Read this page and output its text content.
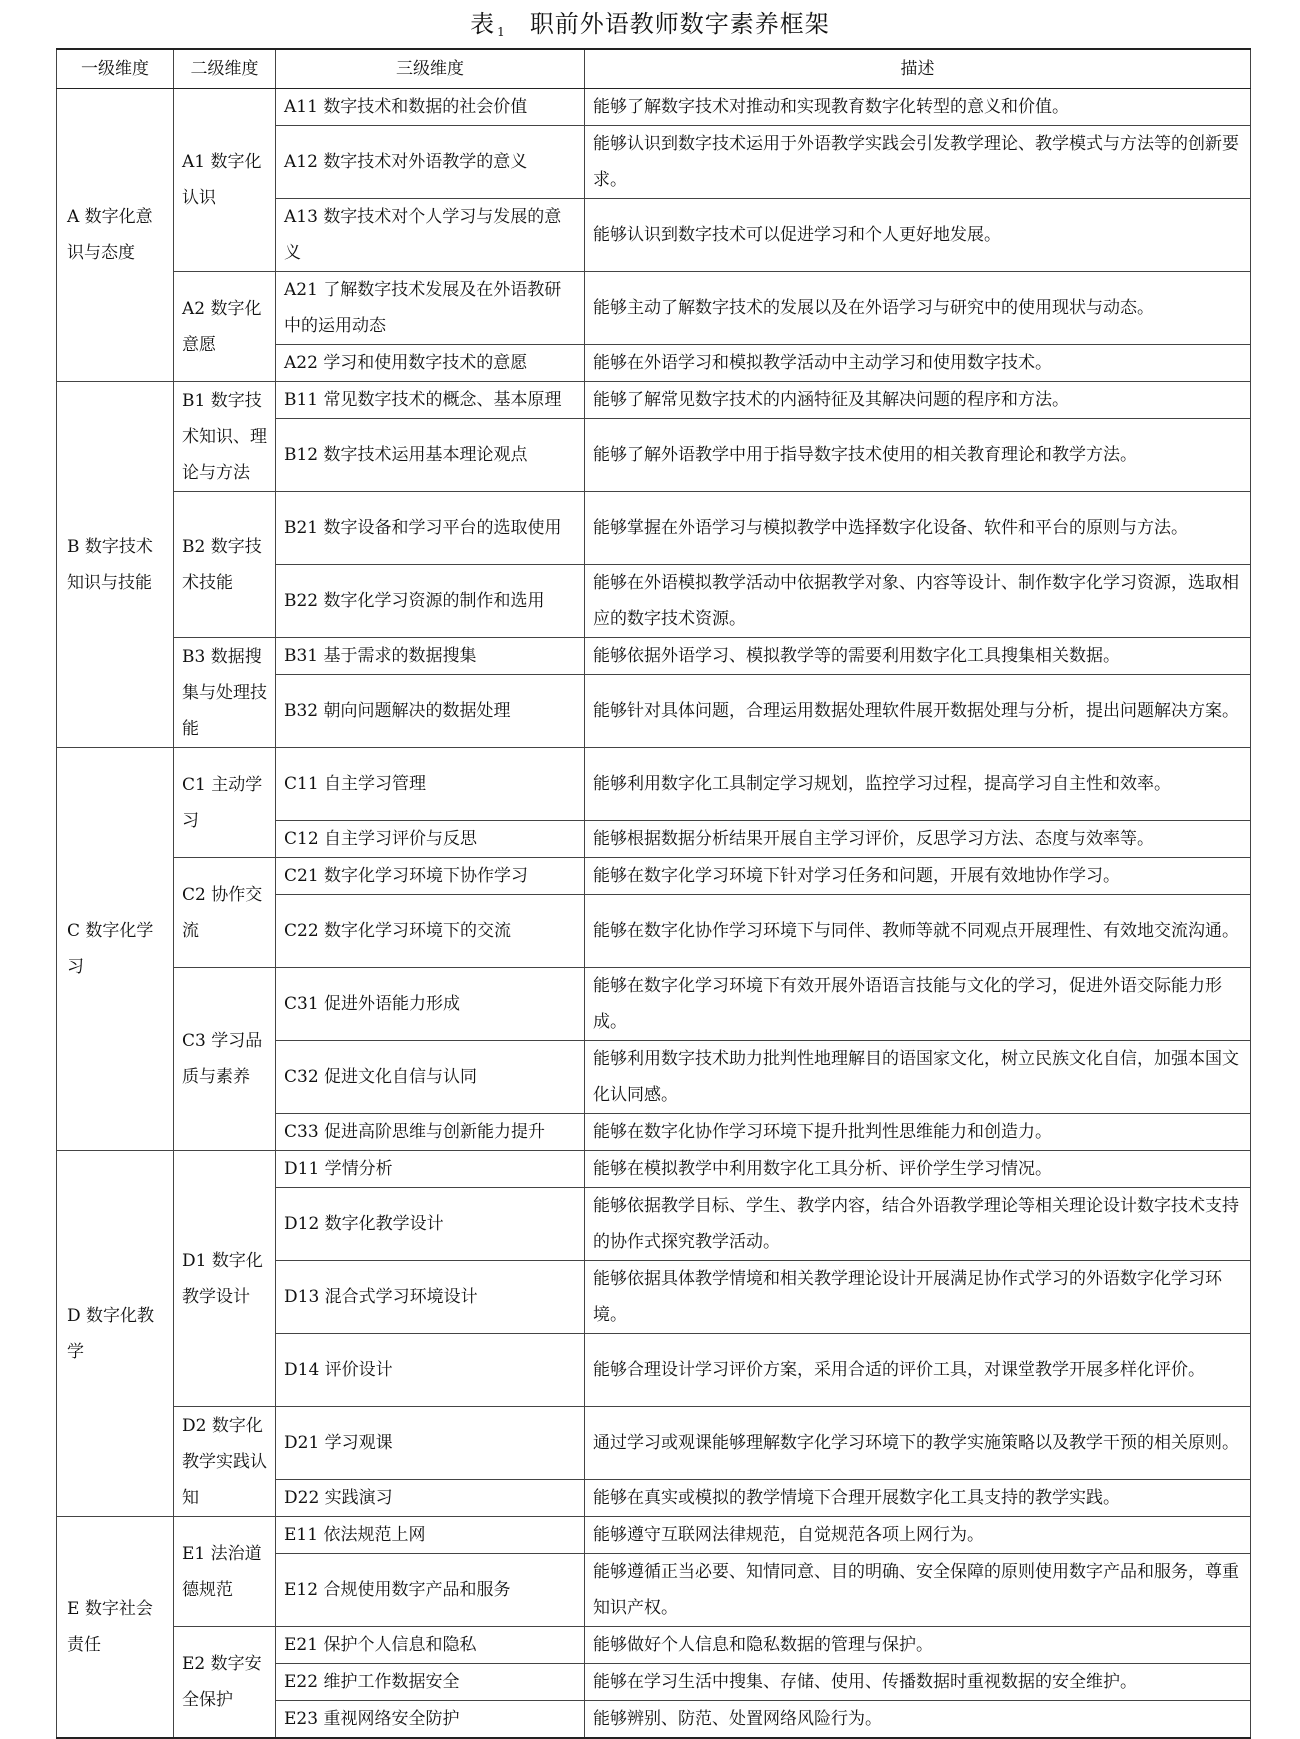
表 $_1$ 职前外语教师数字素养框架
一级维度	二级维度	三级维度	描述
A 数字化意识与态度	A1 数字化认识	A11 数字技术和数据的社会价值	能够了解数字技术对推动和实现教育数字化转型的意义和价值。
		A12 数字技术对外语教学的意义	能够认识到数字技术运用于外语教学实践会引发教学理论、教学模式与方法等的创新要求。
		A13 数字技术对个人学习与发展的意义	能够认识到数字技术可以促进学习和个人更好地发展。
	A2 数字化意愿	A21 了解数字技术发展及在外语教研中的运用动态	能够主动了解数字技术的发展以及在外语学习与研究中的使用现状与动态。
		A22 学习和使用数字技术的意愿	能够在外语学习和模拟教学活动中主动学习和使用数字技术。
B 数字技术知识与技能	B1 数字技术知识、理论与方法	B11 常见数字技术的概念、基本原理	能够了解常见数字技术的内涵特征及其解决问题的程序和方法。
		B12 数字技术运用基本理论观点	能够了解外语教学中用于指导数字技术使用的相关教育理论和教学方法。
	B2 数字技术技能	B21 数字设备和学习平台的选取使用	能够掌握在外语学习与模拟教学中选择数字化设备、软件和平台的原则与方法。
		B22 数字化学习资源的制作和选用	能够在外语模拟教学活动中依据教学对象、内容等设计、制作数字化学习资源，选取相应的数字技术资源。
	B3 数据搜集与处理技能	B31 基于需求的数据搜集	能够依据外语学习、模拟教学等的需要利用数字化工具搜集相关数据。
		B32 朝向问题解决的数据处理	能够针对具体问题，合理运用数据处理软件展开数据处理与分析，提出问题解决方案。
C 数字化学习	C1 主动学习	C11 自主学习管理	能够利用数字化工具制定学习规划，监控学习过程，提高学习自主性和效率。
		C12 自主学习评价与反思	能够根据数据分析结果开展自主学习评价，反思学习方法、态度与效率等。
	C2 协作交流	C21 数字化学习环境下协作学习	能够在数字化学习环境下针对学习任务和问题，开展有效地协作学习。
		C22 数字化学习环境下的交流	能够在数字化协作学习环境下与同伴、教师等就不同观点开展理性、有效地交流沟通。
	C3 学习品质与素养	C31 促进外语能力形成	能够在数字化学习环境下有效开展外语语言技能与文化的学习，促进外语交际能力形成。
		C32 促进文化自信与认同	能够利用数字技术助力批判性地理解目的语国家文化，树立民族文化自信，加强本国文化认同感。
		C33 促进高阶思维与创新能力提升	能够在数字化协作学习环境下提升批判性思维能力和创造力。
D 数字化教学	D1 数字化教学设计	D11 学情分析	能够在模拟教学中利用数字化工具分析、评价学生学习情况。
		D12 数字化教学设计	能够依据教学目标、学生、教学内容，结合外语教学理论等相关理论设计数字技术支持的协作式探究教学活动。
		D13 混合式学习环境设计	能够依据具体教学情境和相关教学理论设计开展满足协作式学习的外语数字化学习环境。
		D14 评价设计	能够合理设计学习评价方案，采用合适的评价工具，对课堂教学开展多样化评价。
	D2 数字化教学实践认知	D21 学习观课	通过学习或观课能够理解数字化学习环境下的教学实施策略以及教学干预的相关原则。
		D22 实践演习	能够在真实或模拟的教学情境下合理开展数字化工具支持的教学实践。
E 数字社会责任	E1 法治道德规范	E11 依法规范上网	能够遵守互联网法律规范，自觉规范各项上网行为。
		E12 合规使用数字产品和服务	能够遵循正当必要、知情同意、目的明确、安全保障的原则使用数字产品和服务，尊重知识产权。
	E2 数字安全保护	E21 保护个人信息和隐私	能够做好个人信息和隐私数据的管理与保护。
		E22 维护工作数据安全	能够在学习生活中搜集、存储、使用、传播数据时重视数据的安全维护。
		E23 重视网络安全防护	能够辨别、防范、处置网络风险行为。
